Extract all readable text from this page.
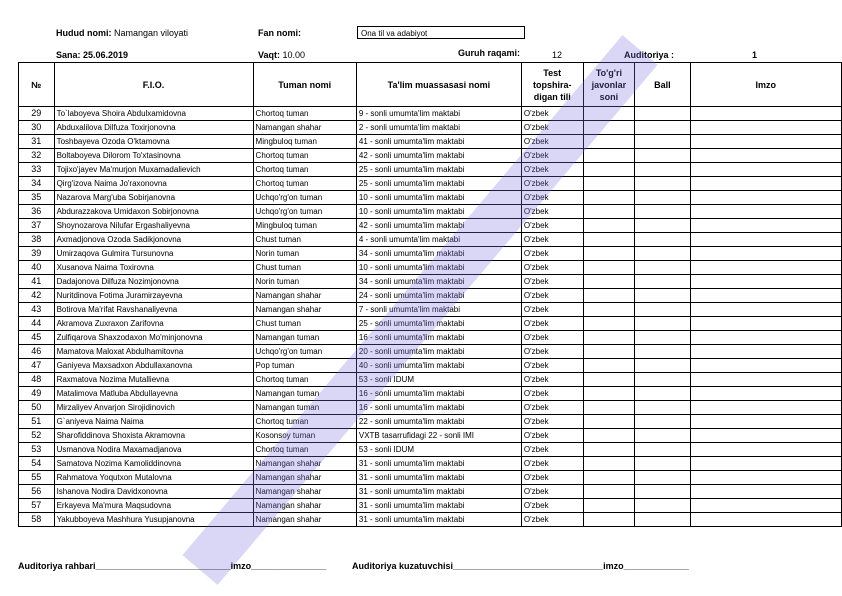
Hudud nomi: Namangan viloyati	Fan nomi:	Ona til va adabiyot
Sana: 25.06.2019	Vaqt: 10.00	Guruh raqami:	12	Auditoriya :	1
№	F.I.O.	Tuman nomi	Ta'lim muassasasi nomi	Test topshira-digan tili	To'g'ri javonlar soni	Ball	Imzo
29	To`laboyeva Shoira Abdulxamidovna	Chortoq tuman	9 - sonli umumta'lim maktabi	O'zbek			
30	Abduxalilova Dilfuza Toxirjonovna	Namangan shahar	2 - sonli umumta'lim maktabi	O'zbek			
31	Toshbayeva Ozoda O'ktamovna	Mingbuloq tuman	41 - sonli umumta'lim maktabi	O'zbek			
32	Boltaboyeva Dilorom To'xtasinovna	Chortoq tuman	42 - sonli umumta'lim maktabi	O'zbek			
33	Tojixo'jayev Ma'murjon Muxamadalievich	Chortoq tuman	25 - sonli umumta'lim maktabi	O'zbek			
34	Qirg'izova Naima Jo'raxonovna	Chortoq tuman	25 - sonli umumta'lim maktabi	O'zbek			
35	Nazarova Marg'uba Sobirjanovna	Uchqo'rg'on tuman	10 - sonli umumta'lim maktabi	O'zbek			
36	Abdurazzakova Umidaxon Sobirjonovna	Uchqo'rg'on tuman	10 - sonli umumta'lim maktabi	O'zbek			
37	Shoynozarova Nilufar Ergashaliyevna	Mingbuloq tuman	42 - sonli umumta'lim maktabi	O'zbek			
38	Axmadjonova Ozoda Sadikjonovna	Chust tuman	4 - sonli umumta'lim maktabi	O'zbek			
39	Umirzaqova Gulmira Tursunovna	Norin tuman	34 - sonli umumta'lim maktabi	O'zbek			
40	Xusanova Naima Toxirovna	Chust tuman	10 - sonli umumta'lim maktabi	O'zbek			
41	Dadajonova Dilfuza Nozimjonovna	Norin tuman	34 - sonli umumta'lim maktabi	O'zbek			
42	Nuritdinova Fotima Juramirzayevna	Namangan shahar	24 - sonli umumta'lim maktabi	O'zbek			
43	Botirova Ma'rifat Ravshanaliyevna	Namangan shahar	7 - sonli umumta'lim maktabi	O'zbek			
44	Akramova Zuxraxon Zarifovna	Chust tuman	25 - sonli umumta'lim maktabi	O'zbek			
45	Zulfiqarova Shaxzodaxon Mo'minjonovna	Namangan tuman	16 - sonli umumta'lim maktabi	O'zbek			
46	Mamatova Maloxat Abdulhamitovna	Uchqo'rg'on tuman	20 - sonli umumta'lim maktabi	O'zbek			
47	Ganiyeva Maxsadxon Abdullaxanovna	Pop tuman	40 - sonli umumta'lim maktabi	O'zbek			
48	Raxmatova Nozima Mutallievna	Chortoq tuman	53 - sonli IDUM	O'zbek			
49	Matalimova Matluba Abdullayevna	Namangan tuman	16 - sonli umumta'lim maktabi	O'zbek			
50	Mirzaliyev Anvarjon Sirojidinovich	Namangan tuman	16 - sonli umumta'lim maktabi	O'zbek			
51	G`aniyeva Naima Naima	Chortoq tuman	22 - sonli umumta'lim maktabi	O'zbek			
52	Sharofiddinova Shoxista Akramovna	Kosonsoy tuman	VXTB tasarrufidagi 22 - sonli IMI	O'zbek			
53	Usmanova Nodira Maxamadjanova	Chortoq tuman	53 - sonli IDUM	O'zbek			
54	Samatova Nozima Kamoliddinovna	Namangan shahar	31 - sonli umumta'lim maktabi	O'zbek			
55	Rahmatova Yoqutxon Mutalovna	Namangan shahar	31 - sonli umumta'lim maktabi	O'zbek			
56	Ishanova Nodira Davidxonovna	Namangan shahar	31 - sonli umumta'lim maktabi	O'zbek			
57	Erkayeva Ma'mura Maqsudovna	Namangan shahar	31 - sonli umumta'lim maktabi	O'zbek			
58	Yakubboyeva Mashhura Yusupjanovna	Namangan shahar	31 - sonli umumta'lim maktabi	O'zbek			
Auditoriya rahbari___________________________imzo_______________	Auditoriya kuzatuvchisi______________________________imzo_____________
